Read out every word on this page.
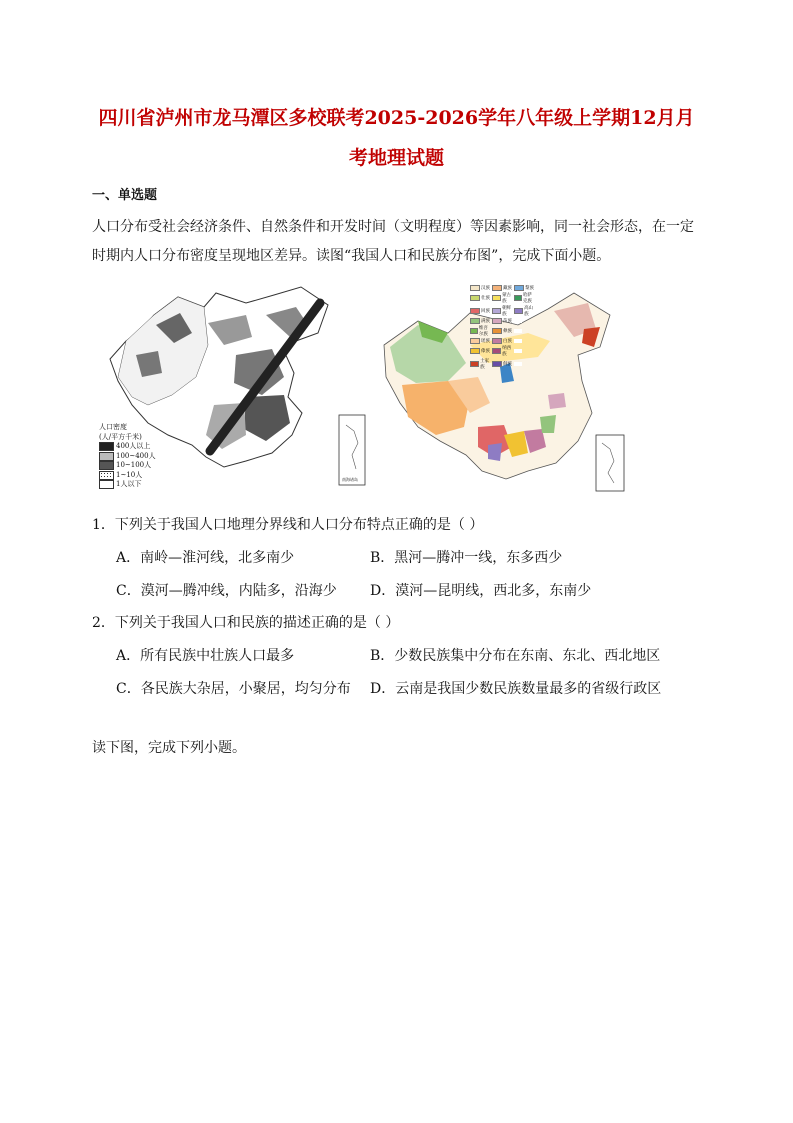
四川省泸州市龙马潭区多校联考2025-2026学年八年级上学期12月月
考地理试题
一、单选题
人口分布受社会经济条件、自然条件和开发时间（文明程度）等因素影响，同一社会形态，在一定时期内人口分布密度呈现地区差异。读图“我国人口和民族分布图”，完成下面小题。
人口密度
(人/平方千米)
400人以上
100~400人
10~100人
1~10人
1人以下
南海诸岛
汉族	藏族	黎族
壮族
蒙古族
哈萨克族
回族
朝鲜族
高山族
满族	苗族
维吾尔族
彝族
瑶族	白族
傣族
纳西族
土家族
侗族
1．下列关于我国人口地理分界线和人口分布特点正确的是（ ）
A．南岭—淮河线，北多南少	B．黑河—腾冲一线，东多西少
C．漠河—腾冲线，内陆多，沿海少 D．漠河—昆明线，西北多，东南少
2．下列关于我国人口和民族的描述正确的是（ ）
A．所有民族中壮族人口最多	B．少数民族集中分布在东南、东北、西北地区
C．各民族大杂居，小聚居，均匀分布 D．云南是我国少数民族数量最多的省级行政区
读下图，完成下列小题。
